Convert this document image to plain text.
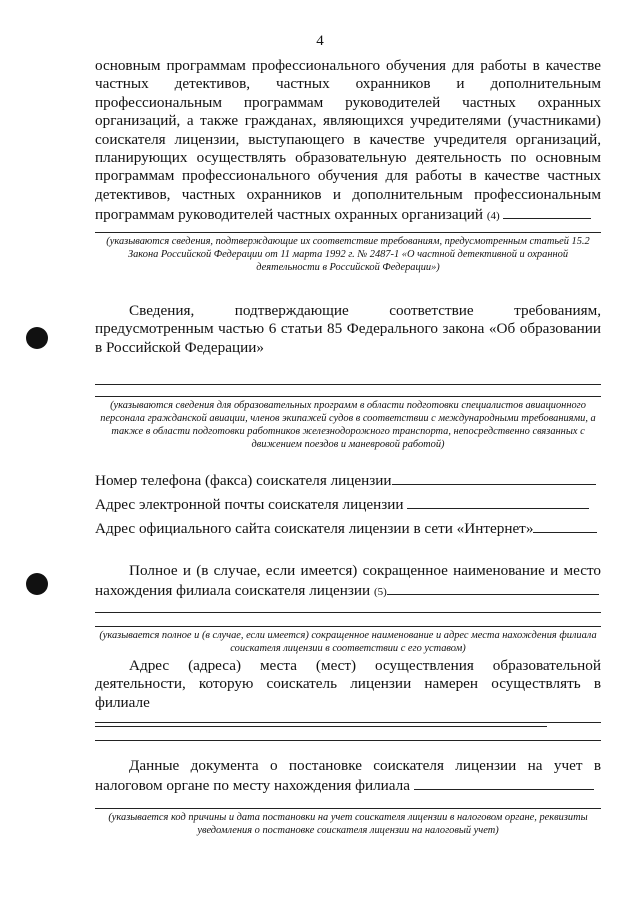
4
основным программам профессионального обучения для работы в качестве частных детективов, частных охранников и дополнительным профессиональным программам руководителей частных охранных организаций, а также гражданах, являющихся учредителями (участниками) соискателя лицензии, выступающего в качестве учредителя организаций, планирующих осуществлять образовательную деятельность по основным программам профессионального обучения для работы в качестве частных детективов, частных охранников и дополнительным профессиональным программам руководителей частных охранных организаций (4)
(указываются сведения, подтверждающие их соответствие требованиям, предусмотренным статьей 15.2 Закона Российской Федерации от 11 марта 1992 г. № 2487-1 «О частной детективной и охранной деятельности в Российской Федерации»)
Сведения, подтверждающие соответствие требованиям, предусмотренным частью 6 статьи 85 Федерального закона «Об образовании в Российской Федерации»
(указываются сведения для образовательных программ в области подготовки специалистов авиационного персонала гражданской авиации, членов экипажей судов в соответствии с международными требованиями, а также в области подготовки работников железнодорожного транспорта, непосредственно связанных с движением поездов и маневровой работой)
Номер телефона (факса) соискателя лицензии
Адрес электронной почты соискателя лицензии
Адрес официального сайта соискателя лицензии в сети «Интернет»
Полное и (в случае, если имеется) сокращенное наименование и место нахождения филиала соискателя лицензии (5)
(указывается полное и (в случае, если имеется) сокращенное наименование и адрес места нахождения филиала соискателя лицензии в соответствии с его уставом)
Адрес (адреса) места (мест) осуществления образовательной деятельности, которую соискатель лицензии намерен осуществлять в филиале
Данные документа о постановке соискателя лицензии на учет в налоговом органе по месту нахождения филиала
(указывается код причины и дата постановки на учет соискателя лицензии в налоговом органе, реквизиты уведомления о постановке соискателя лицензии на налоговый учет)
